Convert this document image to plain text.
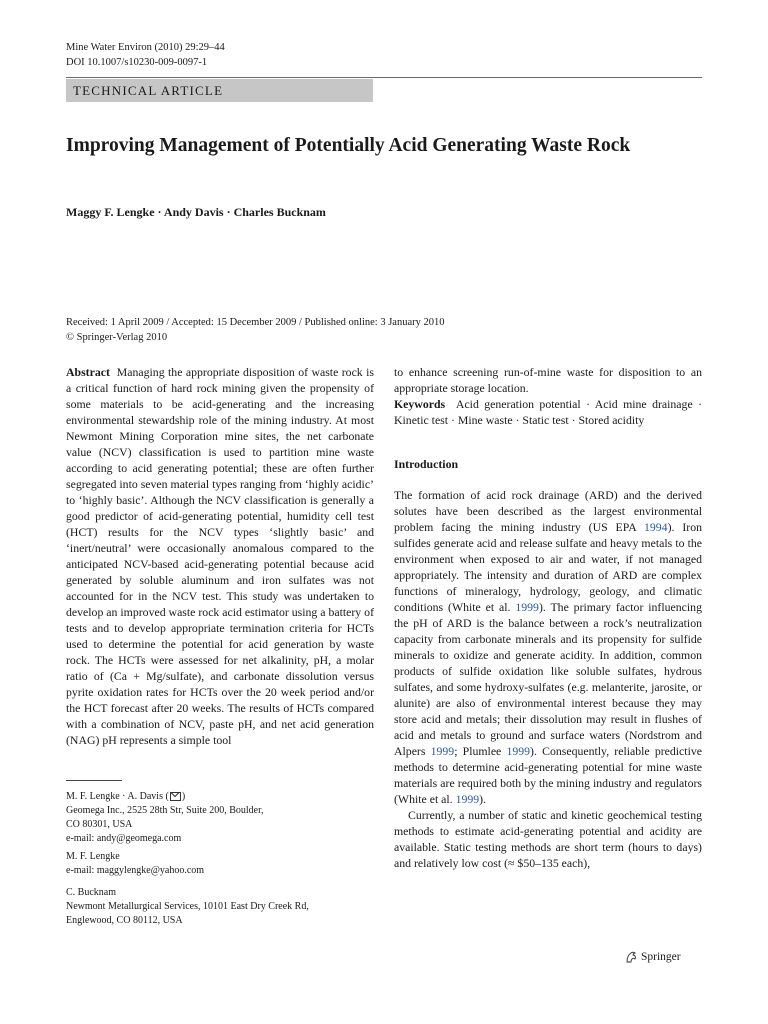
Mine Water Environ (2010) 29:29–44
DOI 10.1007/s10230-009-0097-1
TECHNICAL ARTICLE
Improving Management of Potentially Acid Generating Waste Rock
Maggy F. Lengke · Andy Davis · Charles Bucknam
Received: 1 April 2009 / Accepted: 15 December 2009 / Published online: 3 January 2010
© Springer-Verlag 2010

Abstract Managing the appropriate disposition of waste rock is a critical function of hard rock mining given the propensity of some materials to be acid-generating and the increasing environmental stewardship role of the mining industry. At most Newmont Mining Corporation mine sites, the net carbonate value (NCV) classification is used to partition mine waste according to acid generating potential; these are often further segregated into seven material types ranging from ‘highly acidic’ to ‘highly basic’. Although the NCV classification is generally a good predictor of acid-generating potential, humidity cell test (HCT) results for the NCV types ‘slightly basic’ and ‘inert/neutral’ were occasionally anomalous compared to the anticipated NCV-based acid-generating potential because acid generated by soluble aluminum and iron sulfates was not accounted for in the NCV test. This study was undertaken to develop an improved waste rock acid estimator using a battery of tests and to develop appropriate termination criteria for HCTs used to determine the potential for acid generation by waste rock. The HCTs were assessed for net alkalinity, pH, a molar ratio of (Ca + Mg/sulfate), and carbonate dissolution versus pyrite oxidation rates for HCTs over the 20 week period and/or the HCT forecast after 20 weeks. The results of HCTs compared with a combination of NCV, paste pH, and net acid generation (NAG) pH represents a simple tool

M. F. Lengke · A. Davis ( )
Geomega Inc., 2525 28th Str, Suite 200, Boulder,
CO 80301, USA
e-mail: andy@geomega.com
M. F. Lengke
e-mail: maggylengke@yahoo.com
C. Bucknam
Newmont Metallurgical Services, 10101 East Dry Creek Rd,
Englewood, CO 80112, USA

to enhance screening run-of-mine waste for disposition to an appropriate storage location.

Keywords Acid generation potential · Acid mine drainage · Kinetic test · Mine waste · Static test · Stored acidity

Introduction

The formation of acid rock drainage (ARD) and the derived solutes have been described as the largest environmental problem facing the mining industry (US EPA 1994). Iron sulfides generate acid and release sulfate and heavy metals to the environment when exposed to air and water, if not managed appropriately. The intensity and duration of ARD are complex functions of mineralogy, hydrology, geology, and climatic conditions (White et al. 1999). The primary factor influencing the pH of ARD is the balance between a rock’s neutralization capacity from carbonate minerals and its propensity for sulfide minerals to oxidize and generate acidity. In addition, common products of sulfide oxidation like soluble sulfates, hydrous sulfates, and some hydroxy-sulfates (e.g. melanterite, jarosite, or alunite) are also of environmental interest because they may store acid and metals; their dissolution may result in flushes of acid and metals to ground and surface waters (Nordstrom and Alpers 1999; Plumlee 1999). Consequently, reliable predictive methods to determine acid-generating potential for mine waste materials are required both by the mining industry and regulators (White et al. 1999).

Currently, a number of static and kinetic geochemical testing methods to estimate acid-generating potential and acidity are available. Static testing methods are short term (hours to days) and relatively low cost (≈ $50–135 each),

Springer
